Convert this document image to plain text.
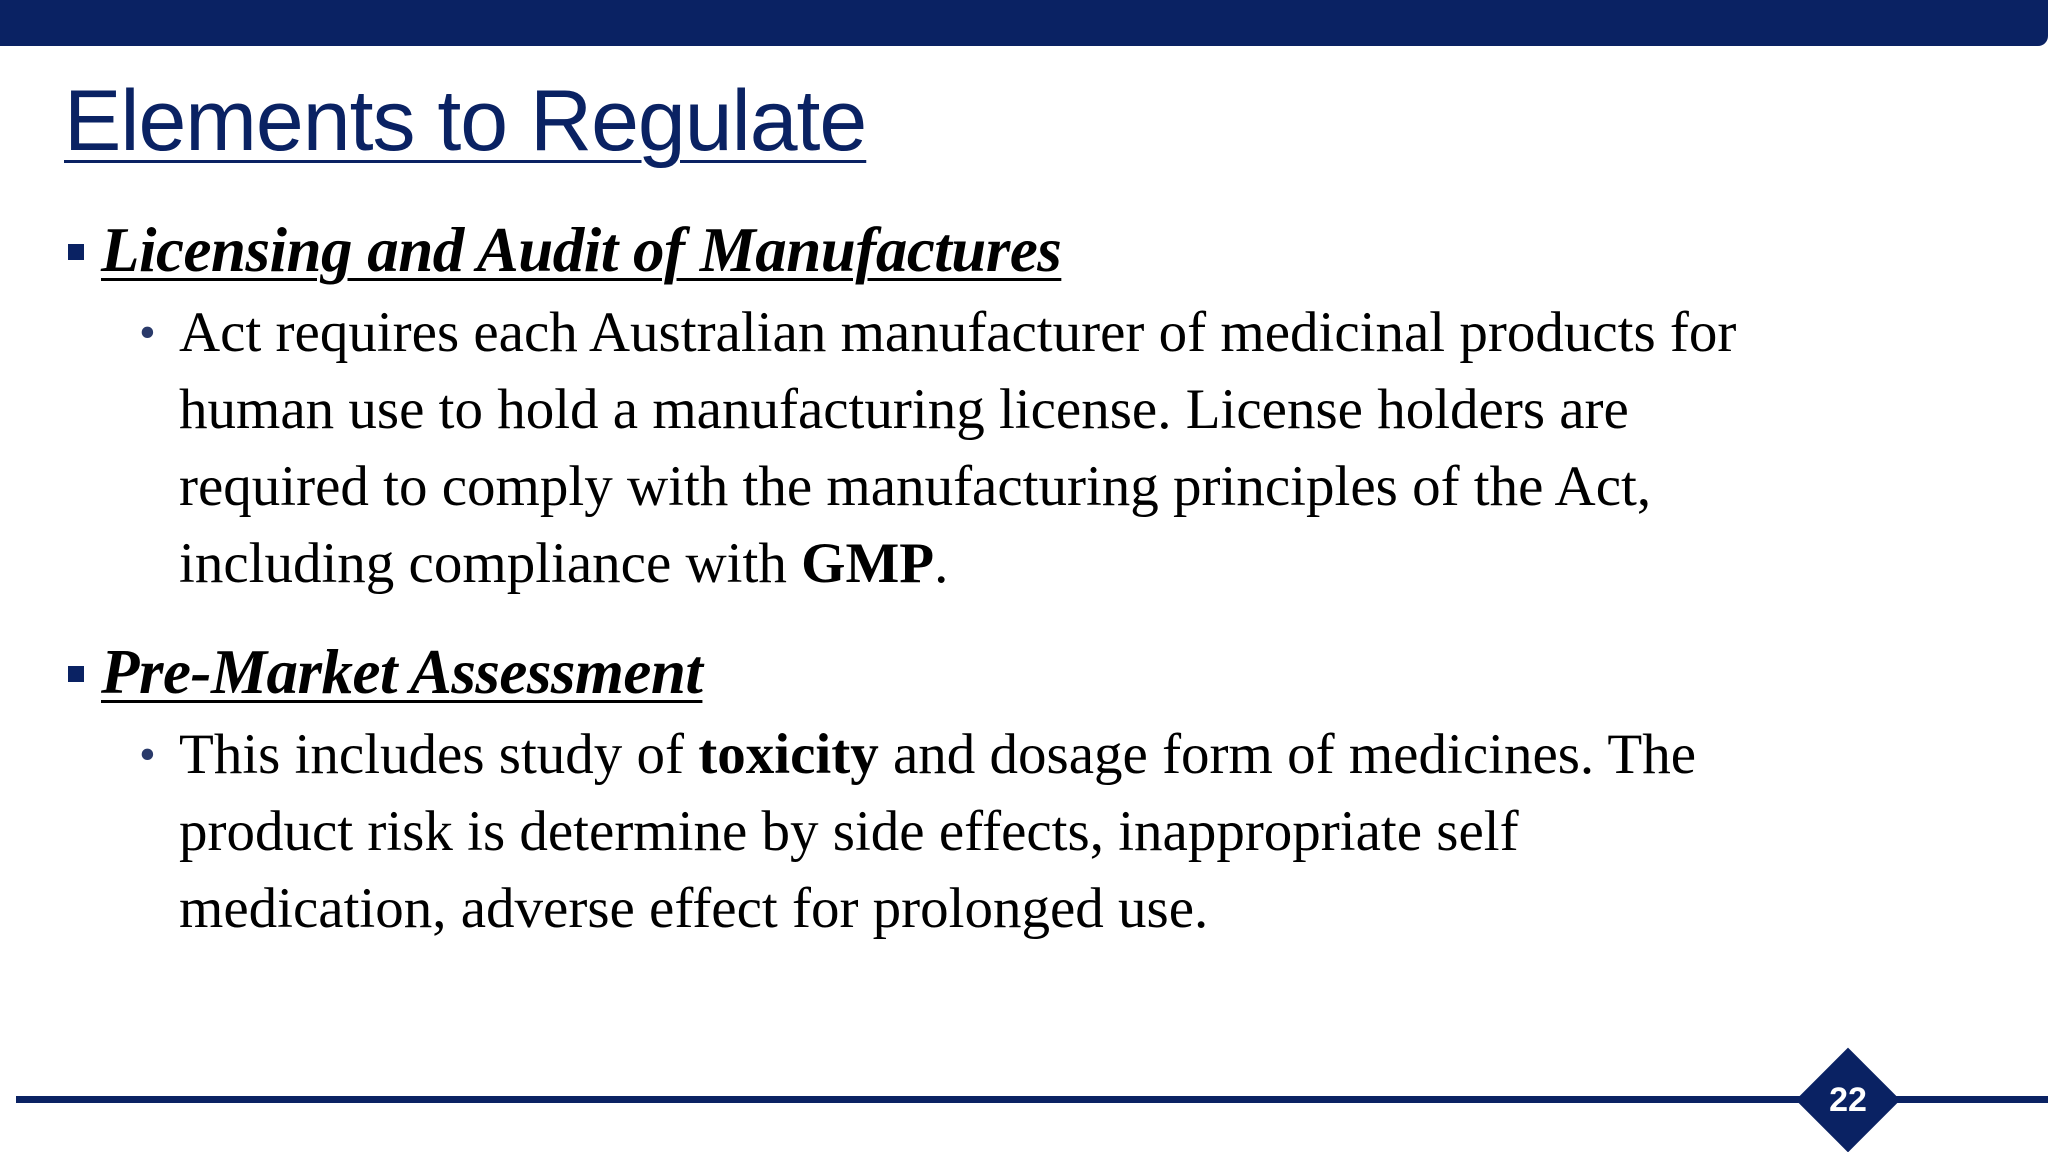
Elements to Regulate
Licensing and Audit of Manufactures
• Act requires each Australian manufacturer of medicinal products for
human use to hold a manufacturing license. License holders are
required to comply with the manufacturing principles of the Act,
including compliance with GMP.
Pre-Market Assessment
• This includes study of toxicity and dosage form of medicines. The
product risk is determine by side effects, inappropriate self
medication, adverse effect for prolonged use.
22
